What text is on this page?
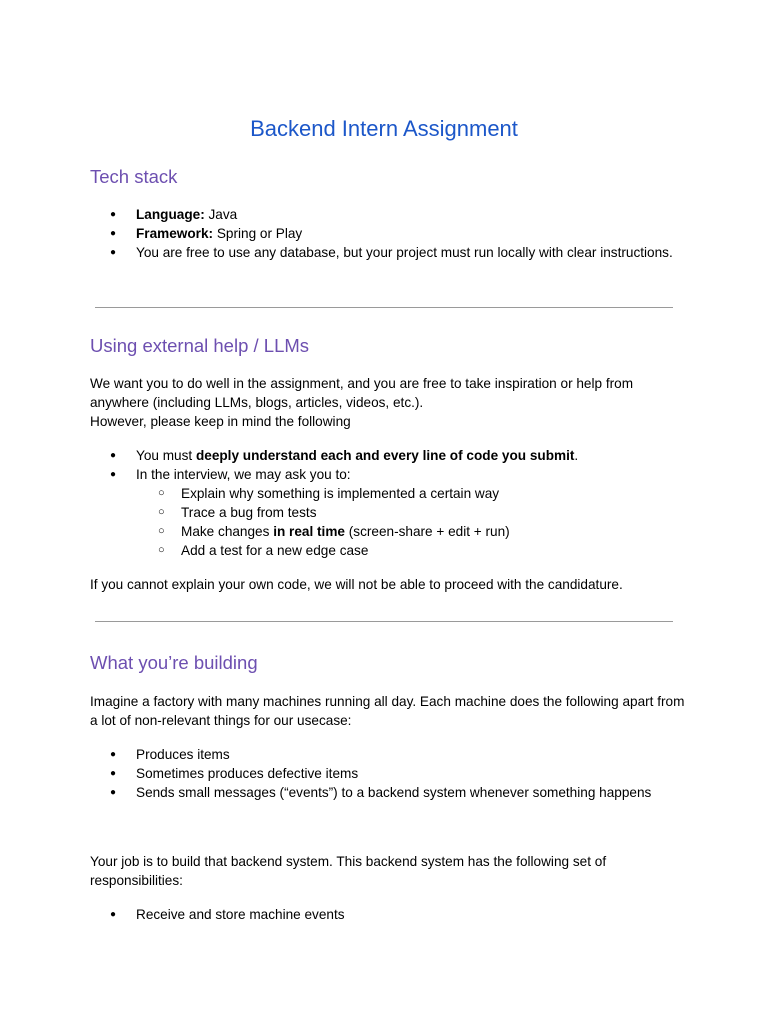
Backend Intern Assignment
Tech stack
● Language: Java
● Framework: Spring or Play
● You are free to use any database, but your project must run locally with clear instructions.
Using external help / LLMs

We want you to do well in the assignment, and you are free to take inspiration or help from anywhere (including LLMs, blogs, articles, videos, etc.).
However, please keep in mind the following

● You must deeply understand each and every line of code you submit.
● In the interview, we may ask you to:
○ Explain why something is implemented a certain way
○ Trace a bug from tests
○ Make changes in real time (screen-share + edit + run)
○ Add a test for a new edge case

If you cannot explain your own code, we will not be able to proceed with the candidature.

What you’re building

Imagine a factory with many machines running all day. Each machine does the following apart from a lot of non-relevant things for our usecase:

● Produces items
● Sometimes produces defective items
● Sends small messages (“events”) to a backend system whenever something happens

Your job is to build that backend system. This backend system has the following set of responsibilities:

● Receive and store machine events
